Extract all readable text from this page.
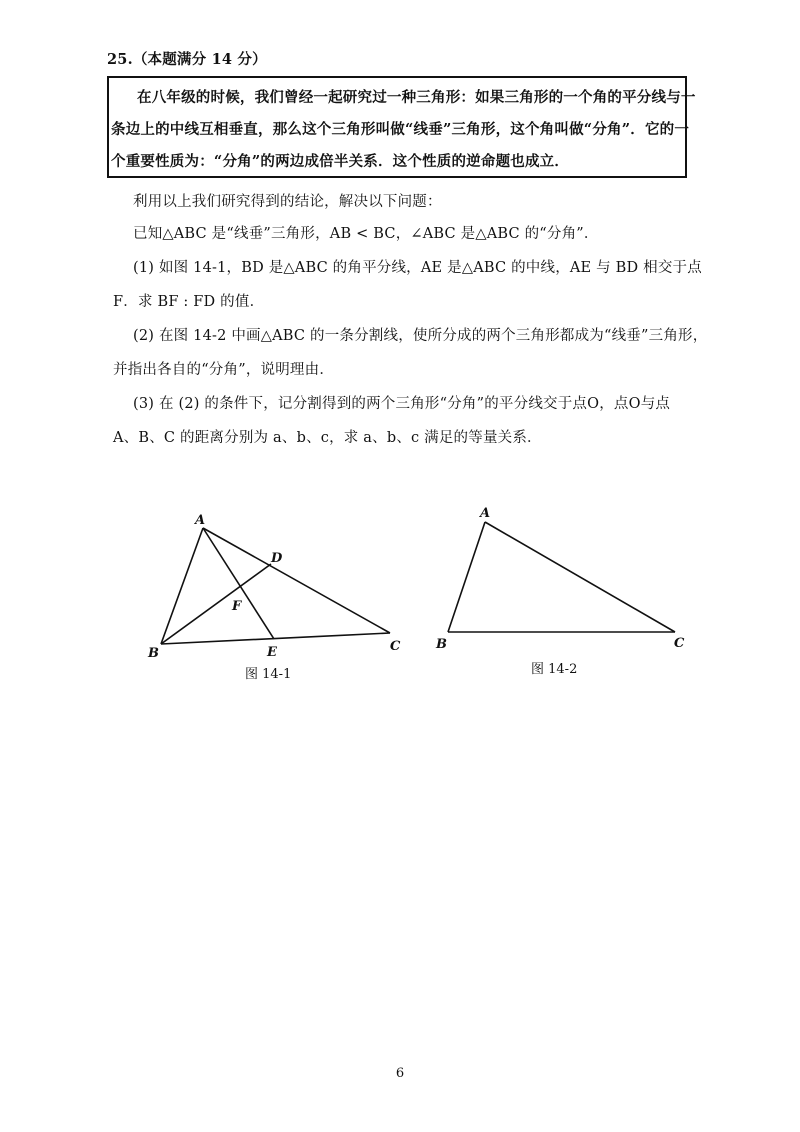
25.（本题满分 14 分）
在八年级的时候，我们曾经一起研究过一种三角形：如果三角形的一个角的平分线与一
条边上的中线互相垂直，那么这个三角形叫做“线垂”三角形，这个角叫做“分角”．它的一
个重要性质为：“分角”的两边成倍半关系．这个性质的逆命题也成立．
利用以上我们研究得到的结论，解决以下问题：
已知△ABC 是“线垂”三角形，AB < BC，∠ABC 是△ABC 的“分角”．
(1) 如图 14-1，BD 是△ABC 的角平分线，AE 是△ABC 的中线，AE 与 BD 相交于点
F．求 BF : FD 的值．
(2) 在图 14-2 中画△ABC 的一条分割线，使所分成的两个三角形都成为“线垂”三角形，
并指出各自的“分角”，说明理由．
(3) 在 (2) 的条件下，记分割得到的两个三角形“分角”的平分线交于点O，点O与点
A、B、C 的距离分别为 a、b、c，求 a、b、c 满足的等量关系．
A
B	C
D
E
F
图 14-1
A
B	C
图 14-2
6
